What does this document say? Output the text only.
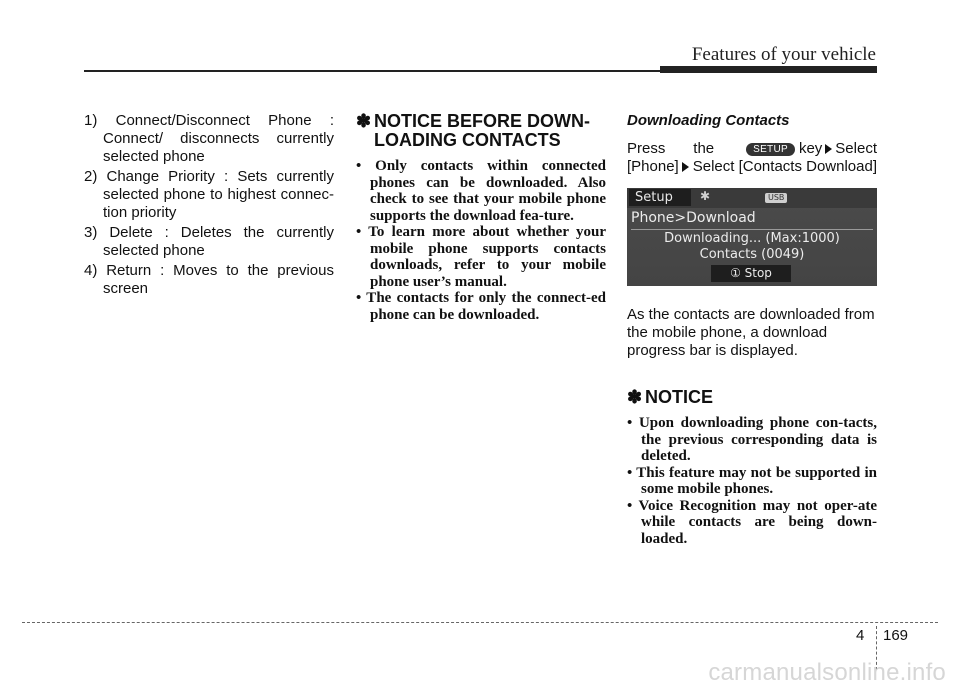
Features of your vehicle

1) Connect/Disconnect Phone : Connect/ disconnects currently selected phone

2) Change Priority : Sets currently selected phone to highest connec-tion priority

3) Delete : Deletes the currently selected phone

4) Return : Moves to the previous screen

✽ NOTICE BEFORE DOWN-LOADING CONTACTS
• Only contacts within connected phones can be downloaded. Also check to see that your mobile phone supports the download fea-ture.
• To learn more about whether your mobile phone supports contacts downloads, refer to your mobile phone user’s manual.
• The contacts for only the connect-ed phone can be downloaded.
Downloading Contacts
Press the	SETUP key Select
[Phone] Select [Contacts Download]
Setup	✱	USB
Phone>Download
Downloading... (Max:1000)
Contacts (0049)
① Stop

As the contacts are downloaded from the mobile phone, a download progress bar is displayed.

✽ NOTICE
• Upon downloading phone con-tacts, the previous corresponding data is deleted.
• This feature may not be supported in some mobile phones.
• Voice Recognition may not oper-ate while contacts are being down-loaded.
4 169
carmanualsonline.info
